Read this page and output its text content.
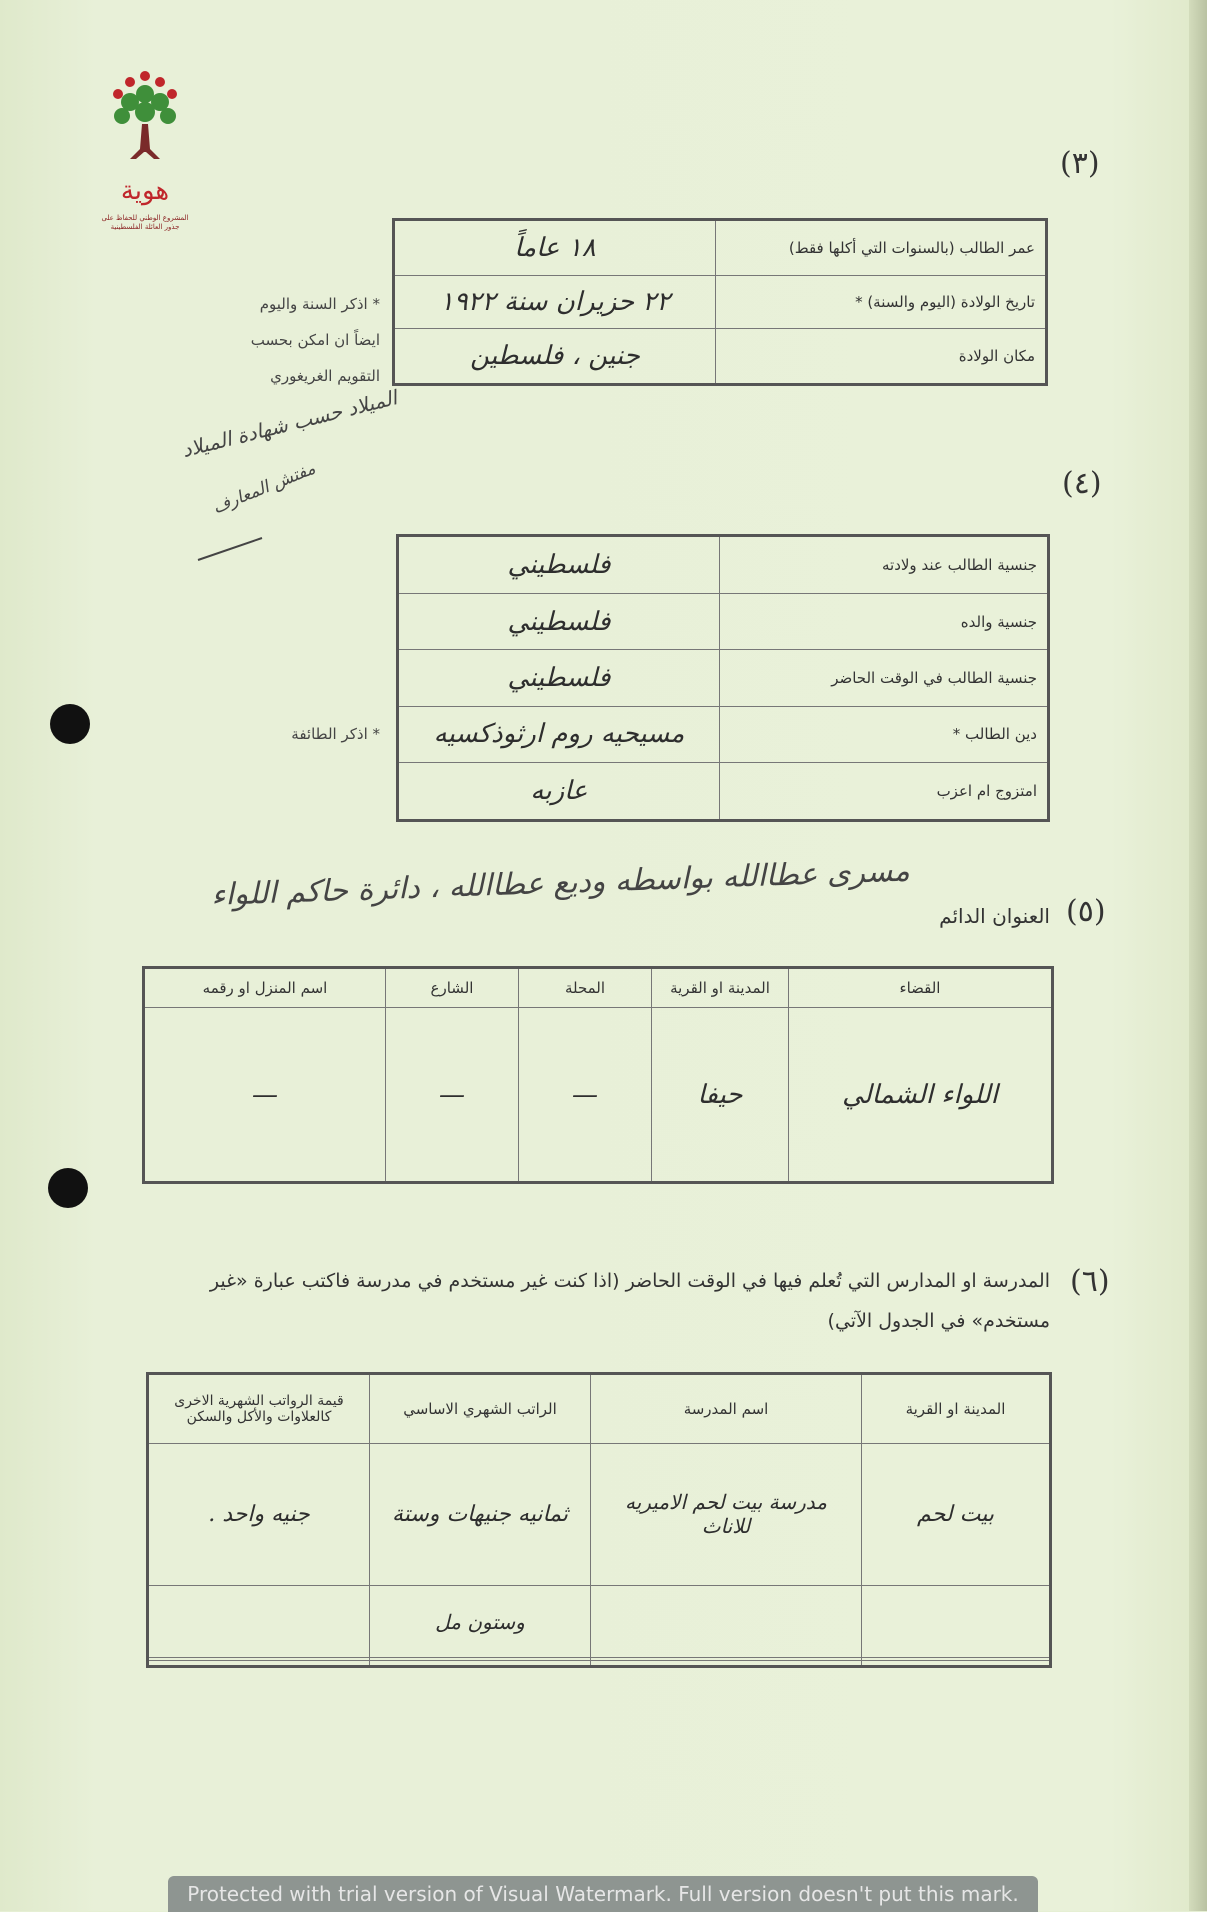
هوية
المشروع الوطني للحفاظ على جذور العائلة الفلسطينية
(٣)
١٨ عاماً	عمر الطالب (بالسنوات التي أكلها فقط)
٢٢ حزيران سنة ١٩٢٢	تاريخ الولادة (اليوم والسنة) *
جنين ، فلسطين	مكان الولادة
* اذكر السنة واليوم
ايضاً ان امكن بحسب
التقويم الغريغوري
الميلاد حسب شهادة الميلاد
مفتش المعارف	(٤)
فلسطيني	جنسية الطالب عند ولادته
فلسطيني	جنسية والده
فلسطيني	جنسية الطالب في الوقت الحاضر
مسيحيه روم ارثوذكسيه	دين الطالب *
عازبه	امتزوج ام اعزب
* اذكر الطائفة
(٥)
العنوان الدائم
مسرى عطاالله بواسطه وديع عطاالله ، دائرة حاكم اللواء
اسم المنزل او رقمه	الشارع	المحلة	المدينة او القرية	القضاء
—	—	—	حيفا	اللواء الشمالي
(٦)
المدرسة او المدارس التي تُعلم فيها في الوقت الحاضر (اذا كنت غير مستخدم في مدرسة فاكتب عبارة «غير
مستخدم» في الجدول الآتي)
قيمة الرواتب الشهرية الاخرى كالعلاوات والأكل والسكن	الراتب الشهري الاساسي	اسم المدرسة	المدينة او القرية
جنيه واحد .	ثمانيه جنيهات وستة	مدرسة بيت لحم الاميريه للاناث	بيت لحم
	وستون مل		

Protected with trial version of Visual Watermark. Full version doesn't put this mark.
